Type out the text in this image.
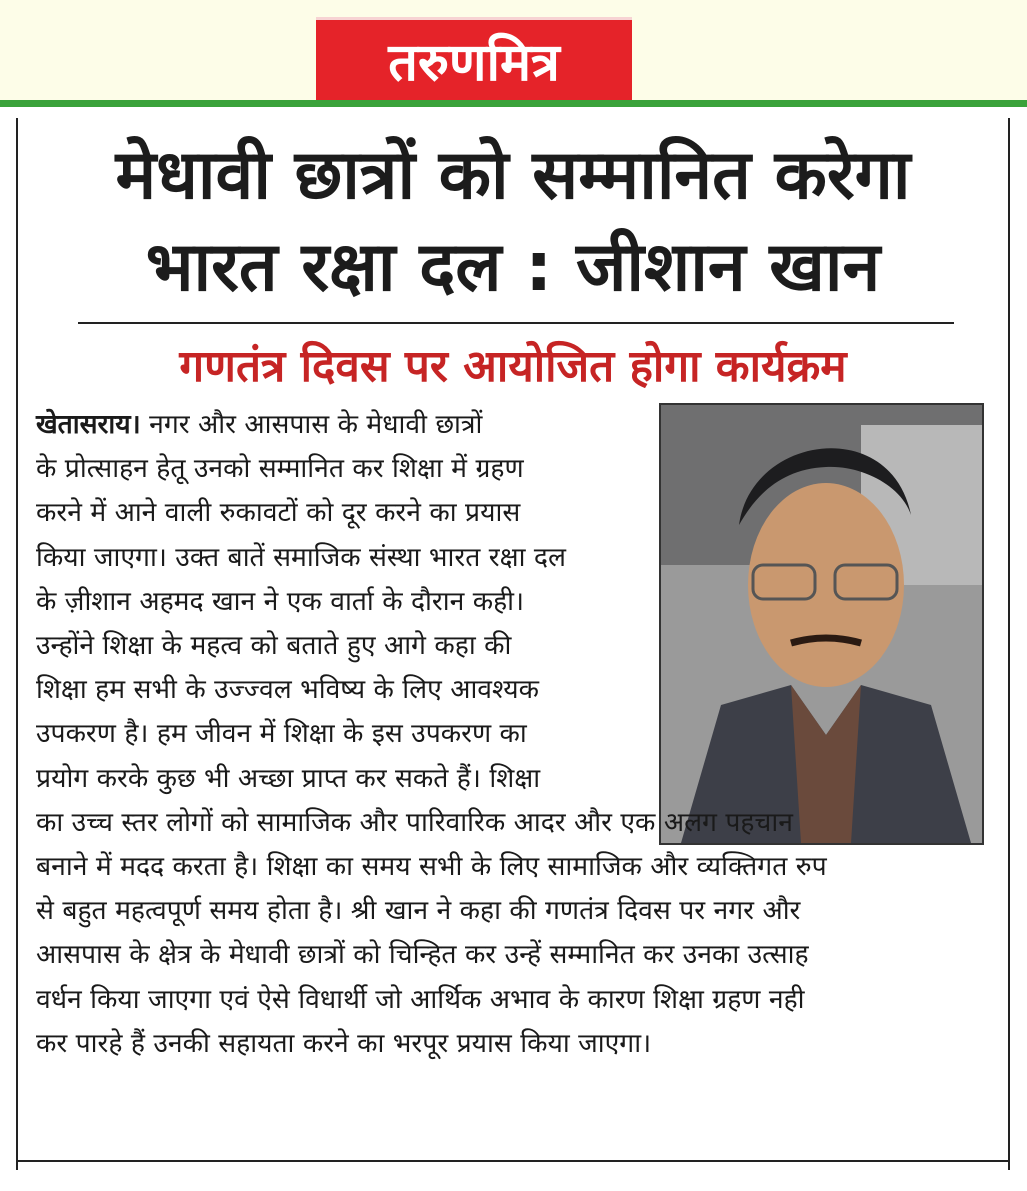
तरुणमित्र
मेधावी छात्रों को सम्मानित करेगा
भारत रक्षा दल : जीशान खान
गणतंत्र दिवस पर आयोजित होगा कार्यक्रम
खेतासराय। नगर और आसपास के मेधावी छात्रों
के प्रोत्साहन हेतू उनको सम्मानित कर शिक्षा में ग्रहण
करने में आने वाली रुकावटों को दूर करने का प्रयास
किया जाएगा। उक्त बातें समाजिक संस्था भारत रक्षा दल
के ज़ीशान अहमद खान ने एक वार्ता के दौरान कही।
उन्होंने शिक्षा के महत्व को बताते हुए आगे कहा की
शिक्षा हम सभी के उज्ज्वल भविष्य के लिए आवश्यक
उपकरण है। हम जीवन में शिक्षा के इस उपकरण का
प्रयोग करके कुछ भी अच्छा प्राप्त कर सकते हैं। शिक्षा
का उच्च स्तर लोगों को सामाजिक और पारिवारिक आदर और एक अलग पहचान
बनाने में मदद करता है। शिक्षा का समय सभी के लिए सामाजिक और व्यक्तिगत रुप
से बहुत महत्वपूर्ण समय होता है। श्री खान ने कहा की गणतंत्र दिवस पर नगर और
आसपास के क्षेत्र के मेधावी छात्रों को चिन्हित कर उन्हें सम्मानित कर उनका उत्साह
वर्धन किया जाएगा एवं ऐसे विधार्थी जो आर्थिक अभाव के कारण शिक्षा ग्रहण नही
कर पारहे हैं उनकी सहायता करने का भरपूर प्रयास किया जाएगा।
